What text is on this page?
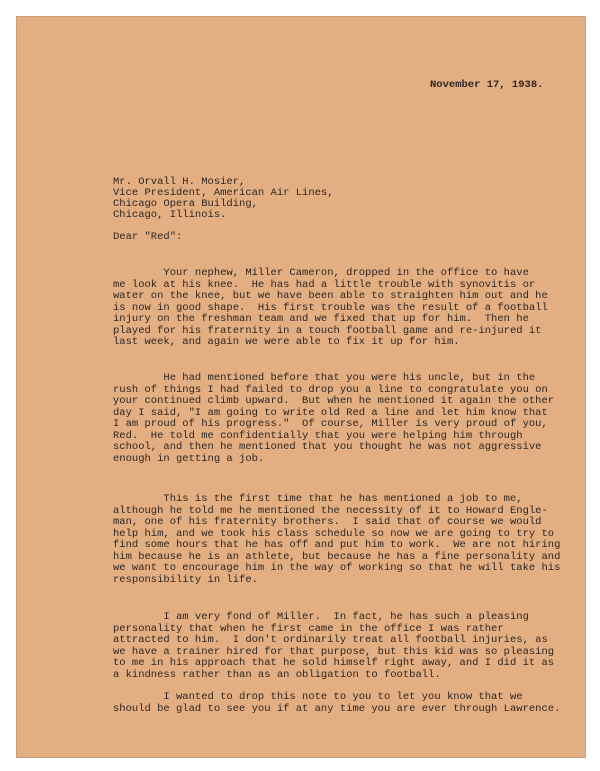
November 17, 1938.

Mr. Orvall H. Mosier,

Vice President, American Air Lines,

Chicago Opera Building,

Chicago, Illinois.

Dear "Red":

Your nephew, Miller Cameron, dropped in the office to have

me look at his knee.  He has had a little trouble with synovitis or

water on the knee, but we have been able to straighten him out and he

is now in good shape.  His first trouble was the result of a football

injury on the freshman team and we fixed that up for him.  Then he

played for his fraternity in a touch football game and re-injured it

last week, and again we were able to fix it up for him.

He had mentioned before that you were his uncle, but in the

rush of things I had failed to drop you a line to congratulate you on

your continued climb upward.  But when he mentioned it again the other

day I said, "I am going to write old Red a line and let him know that

I am proud of his progress."  Of course, Miller is very proud of you,

Red.  He told me confidentially that you were helping him through

school, and then he mentioned that you thought he was not aggressive

enough in getting a job.

This is the first time that he has mentioned a job to me,

although he told me he mentioned the necessity of it to Howard Engle-

man, one of his fraternity brothers.  I said that of course we would

help him, and we took his class schedule so now we are going to try to

find some hours that he has off and put him to work.  We are not hiring

him because he is an athlete, but because he has a fine personality and

we want to encourage him in the way of working so that he will take his

responsibility in life.

I am very fond of Miller.  In fact, he has such a pleasing

personality that when he first came in the office I was rather

attracted to him.  I don't ordinarily treat all football injuries, as

we have a trainer hired for that purpose, but this kid was so pleasing

to me in his approach that he sold himself right away, and I did it as

a kindness rather than as an obligation to football.

I wanted to drop this note to you to let you know that we

should be glad to see you if at any time you are ever through Lawrence.
